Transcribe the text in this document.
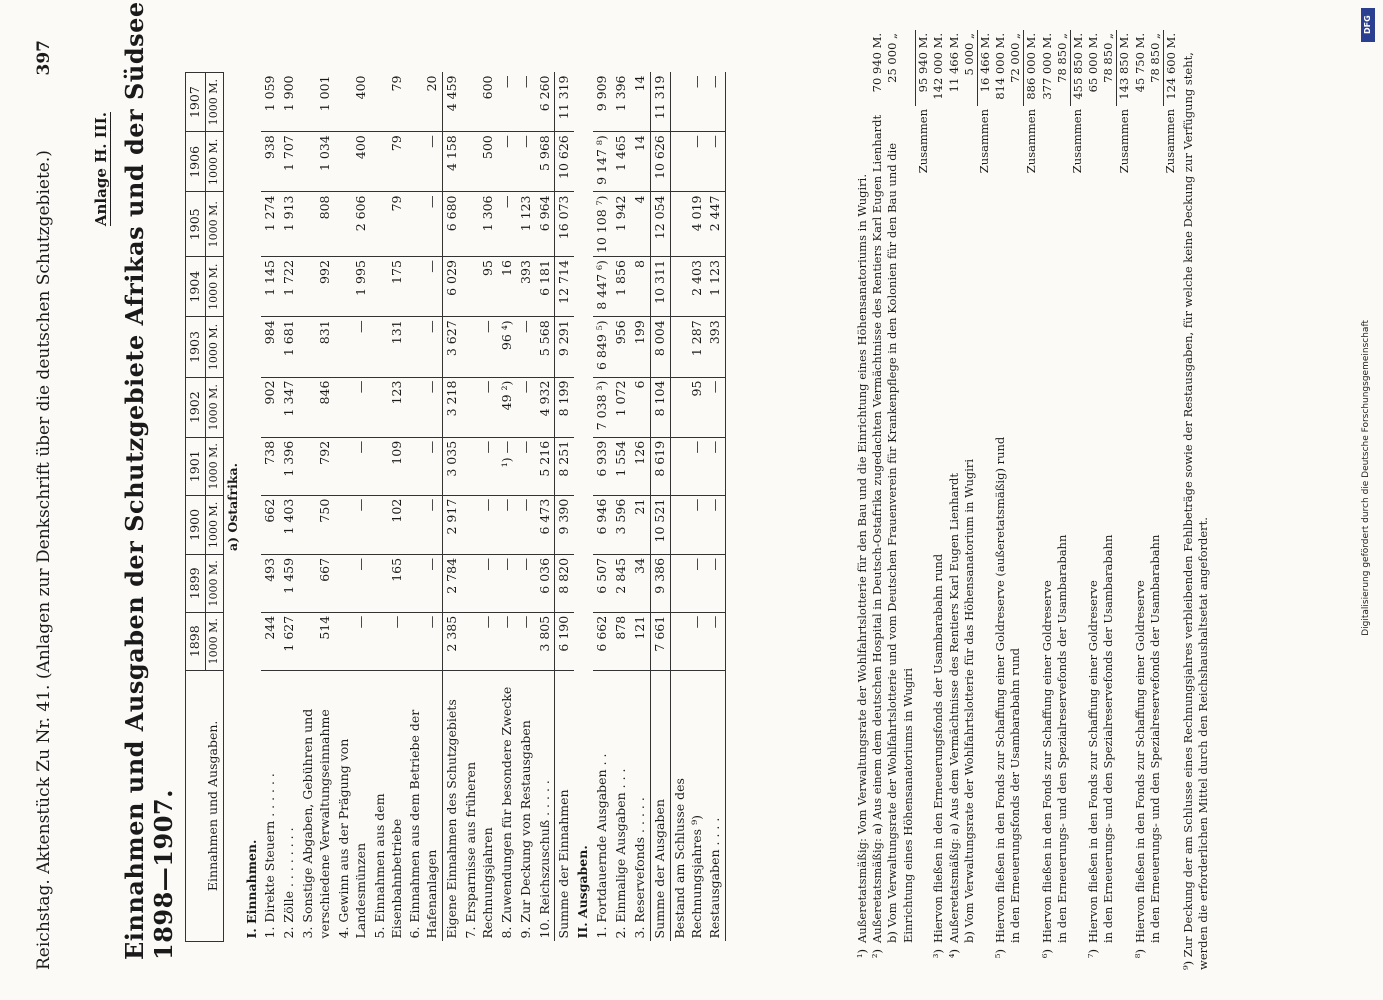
Reichstag. Aktenstück Zu Nr. 41. (Anlagen zur Denkschrift über die deutschen Schutzgebiete.)
397
Anlage H. III. Einnahmen und Ausgaben der Schutzgebiete Afrikas und der Südsee 1898—1907. Einnahmen und Ausgaben.	1898	1899	1900	1901	1902	1903	1904	1905	1906	1907
	1000 M.	1000 M.	1000 M.	1000 M.	1000 M.	1000 M.	1000 M.	1000 M.	1000 M.	1000 M.
a) Ostafrika.										
I. Einnahmen.										
1. Direkte Steuern . . . . . .	244	493	662	738	902	984	1 145	1 274	938	1 059
2. Zölle . . . . . . . .	1 627	1 459	1 403	1 396	1 347	1 681	1 722	1 913	1 707	1 900
3. Sonstige Abgaben, Gebühren und verschiedene Verwaltungseinnahme	514	667	750	792	846	831	992	808	1 034	1 001
4. Gewinn aus der Prägung von Landesmünzen	—	—	—	—	—	—	1 995	2 606	400	400
5. Einnahmen aus dem Eisenbahnbetriebe	—	165	102	109	123	131	175	79	79	79
6. Einnahmen aus dem Betriebe der Hafenanlagen	—	—	—	—	—	—	—	—	—	20
Eigene Einnahmen des Schutzgebiets	2 385	2 784	2 917	3 035	3 218	3 627	6 029	6 680	4 158	4 459
7. Ersparnisse aus früheren Rechnungsjahren	—	—	—	—	—	—	95	1 306	500	600
8. Zuwendungen für besondere Zwecke	—	—	—	¹) —	49 ²)	96 ⁴)	16	—	—	—
9. Zur Deckung von Restausgaben	—	—	—	—	—	—	393	1 123	—	—
10. Reichszuschuß . . . . .	3 805	6 036	6 473	5 216	4 932	5 568	6 181	6 964	5 968	6 260
Summe der Einnahmen	6 190	8 820	9 390	8 251	8 199	9 291	12 714	16 073	10 626	11 319
II. Ausgaben.										
1. Fortdauernde Ausgaben . .	6 662	6 507	6 946	6 939	7 038 ³)	6 849 ⁵)	8 447 ⁶)	10 108 ⁷)	9 147 ⁸)	9 909
2. Einmalige Ausgaben . . .	878	2 845	3 596	1 554	1 072	956	1 856	1 942	1 465	1 396
3. Reservefonds . . . . .	121	34	21	126	6	199	8	4	14	14
Summe der Ausgaben	7 661	9 386	10 521	8 619	8 104	8 004	10 311	12 054	10 626	11 319
Bestand am Schlusse des Rechnungsjahres ⁹)	—	—	—	—	95	1 287	2 403	4 019	—	—
Restausgaben . . . .	—	—	—	—	—	393	1 123	2 447	—	—
¹)	Außeretatsmäßig: Vom Verwaltungsrate der Wohlfahrtslotterie für den Bau und die Einrichtung eines Höhensanatoriums in Wugiri.	
²)	Außeretatsmäßig: a) Aus einem dem deutschen Hospital in Deutsch-Ostafrika zugedachten Vermächtnisse des Rentiers Karl Eugen Lienhardt	70 940 M.
	b) Vom Verwaltungsrate der Wohlfahrtslotterie und vom Deutschen Frauenverein für Krankenpflege in den Kolonien für den Bau und die Einrichtung eines Höhensanatoriums in Wugiri	25 000 „
	Zusammen	95 940 M.
³)	Hiervon fließen in den Erneuerungsfonds der Usambarabahn rund	142 000 M.
⁴)	Außeretatsmäßig: a) Aus dem Vermächtnisse des Rentiers Karl Eugen Lienhardt	11 466 M.
	b) Vom Verwaltungsrate der Wohlfahrtslotterie für das Höhensanatorium in Wugiri	5 000 „
	Zusammen	16 466 M.
⁵)	Hiervon fließen in den Fonds zur Schaffung einer Goldreserve (außeretatsmäßig) rund	814 000 M.
	in den Erneuerungsfonds der Usambarabahn rund	72 000 „
	Zusammen	886 000 M.
⁶)	Hiervon fließen in den Fonds zur Schaffung einer Goldreserve	377 000 M.
	in den Erneuerungs- und den Spezialreservefonds der Usambarabahn	78 850 „
	Zusammen	455 850 M.
⁷)	Hiervon fließen in den Fonds zur Schaffung einer Goldreserve	65 000 M.
	in den Erneuerungs- und den Spezialreservefonds der Usambarabahn	78 850 „
	Zusammen	143 850 M.
⁸)	Hiervon fließen in den Fonds zur Schaffung einer Goldreserve	45 750 M.
	in den Erneuerungs- und den Spezialreservefonds der Usambarabahn	78 850 „
	Zusammen	124 600 M. ⁹) Zur Deckung der am Schlusse eines Rechnungsjahres verbleibenden Fehlbeträge sowie der Restausgaben, für welche keine Deckung zur Verfügung steht, werden die erforderlichen Mittel durch den Reichshaushaltsetat angefordert.

DFG
Digitalisierung gefördert durch die Deutsche Forschungsgemeinschaft
